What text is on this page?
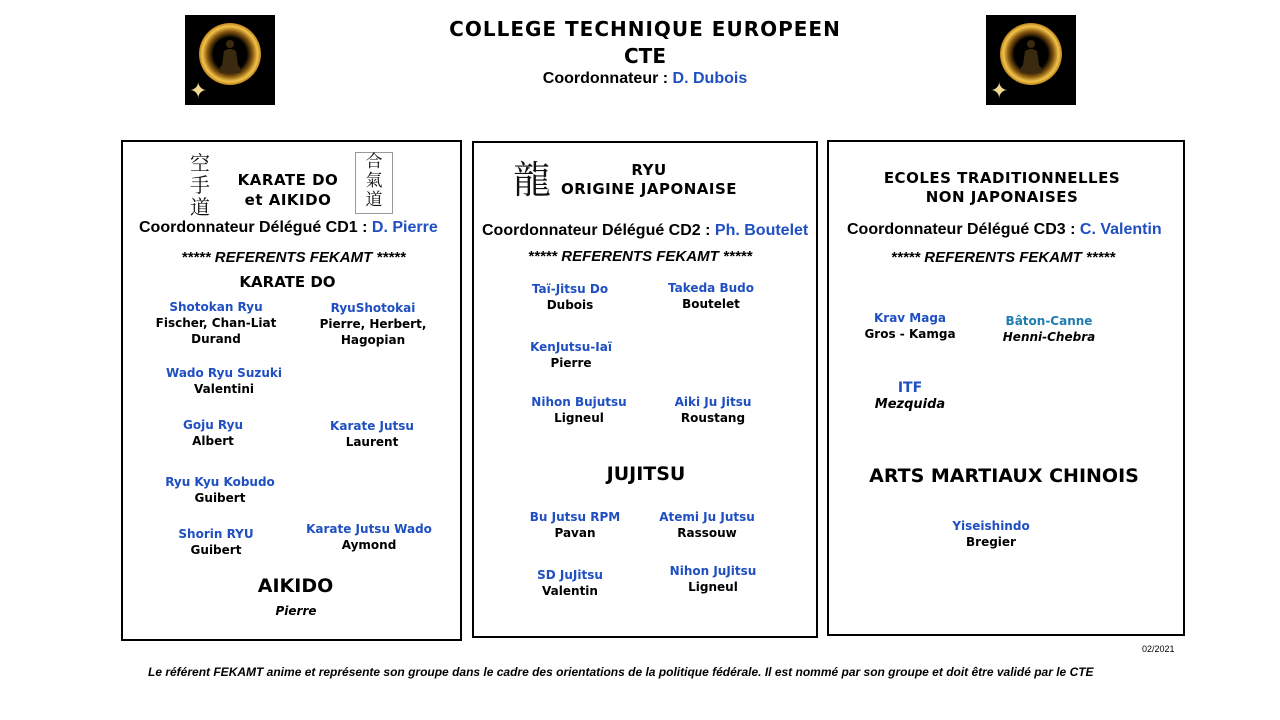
✦	✦
COLLEGE TECHNIQUE EUROPEEN
CTE
Coordonnateur : D. Dubois
空手道
合氣道
KARATE DO
et AIKIDO
Coordonnateur Délégué CD1 : D. Pierre
***** REFERENTS FEKAMT *****
KARATE DO
Shotokan Ryu
Fischer, Chan-Liat
Durand
RyuShotokai
Pierre, Herbert,
Hagopian
Wado Ryu Suzuki
Valentini
Goju Ryu
Albert
Karate Jutsu
Laurent
Ryu Kyu Kobudo
Guibert
Shorin RYU
Guibert
Karate Jutsu Wado
Aymond
AIKIDO
Pierre
龍	RYU
ORIGINE JAPONAISE
Coordonnateur Délégué CD2 : Ph. Boutelet
***** REFERENTS FEKAMT *****
Taï-Jitsu Do
Dubois
Takeda Budo
Boutelet
KenJutsu-Iaï
Pierre
Nihon Bujutsu
Ligneul
Aiki Ju Jitsu
Roustang
JUJITSU
Bu Jutsu RPM
Pavan
Atemi Ju Jutsu
Rassouw
SD JuJitsu
Valentin
Nihon JuJitsu
Ligneul
ECOLES TRADITIONNELLES
NON JAPONAISES
Coordonnateur Délégué CD3 : C. Valentin
***** REFERENTS FEKAMT *****
Krav Maga
Gros - Kamga
Bâton-Canne
Henni-Chebra
ITF
Mezquida
ARTS MARTIAUX CHINOIS
Yiseishindo
Bregier
02/2021
Le référent FEKAMT anime et représente son groupe dans le cadre des orientations de la politique fédérale. Il est nommé par son groupe et doit être validé par le CTE
